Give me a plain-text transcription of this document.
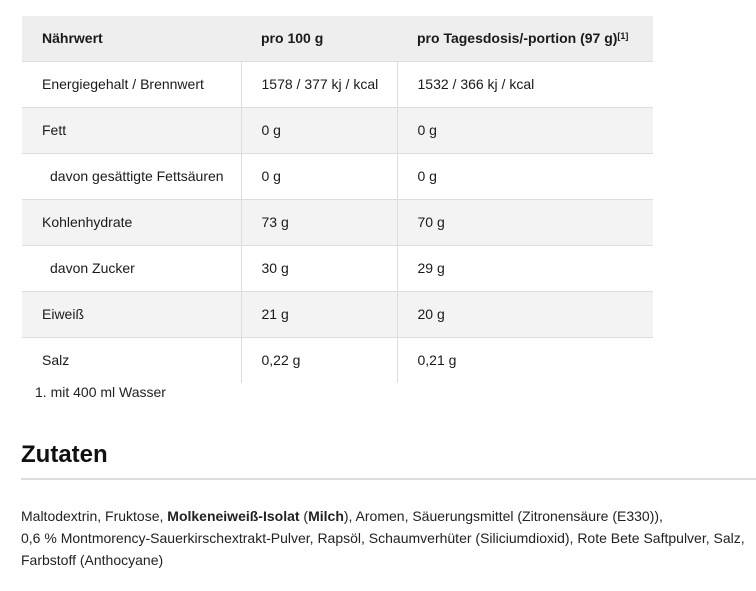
Nährwert	pro 100 g	pro Tagesdosis/-portion (97 g)[1]
Energiegehalt / Brennwert	1578 / 377 kj / kcal	1532 / 366 kj / kcal
Fett	0 g	0 g
davon gesättigte Fettsäuren	0 g	0 g
Kohlenhydrate	73 g	70 g
davon Zucker	30 g	29 g
Eiweiß	21 g	20 g
Salz	0,22 g	0,21 g
1. mit 400 ml Wasser
Zutaten
Maltodextrin, Fruktose, Molkeneiweiß-Isolat (Milch), Aromen, Säuerungsmittel (Zitronensäure (E330)),
0,6 % Montmorency-Sauerkirschextrakt-Pulver, Rapsöl, Schaumverhüter (Siliciumdioxid), Rote Bete Saftpulver, Salz,
Farbstoff (Anthocyane)
